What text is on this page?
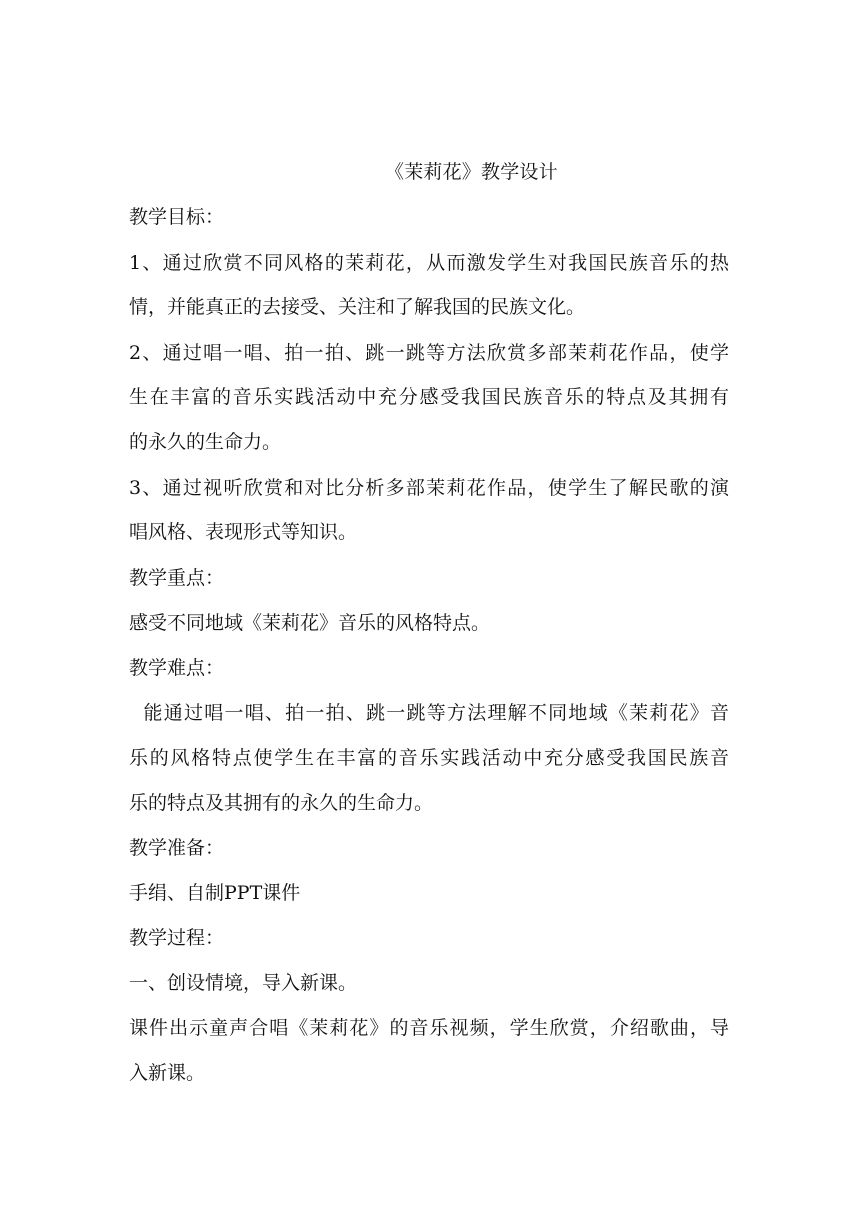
《茉莉花》教学设计
教学目标：
1、通过欣赏不同风格的茉莉花，从而激发学生对我国民族音乐的热
情，并能真正的去接受、关注和了解我国的民族文化。
2、通过唱一唱、拍一拍、跳一跳等方法欣赏多部茉莉花作品，使学
生在丰富的音乐实践活动中充分感受我国民族音乐的特点及其拥有
的永久的生命力。
3、通过视听欣赏和对比分析多部茉莉花作品，使学生了解民歌的演
唱风格、表现形式等知识。
教学重点：
感受不同地域《茉莉花》音乐的风格特点。
教学难点：
能通过唱一唱、拍一拍、跳一跳等方法理解不同地域《茉莉花》音
乐的风格特点使学生在丰富的音乐实践活动中充分感受我国民族音
乐的特点及其拥有的永久的生命力。
教学准备：
手绢、自制PPT课件
教学过程：
一、创设情境，导入新课。
课件出示童声合唱《茉莉花》的音乐视频，学生欣赏，介绍歌曲，导
入新课。
